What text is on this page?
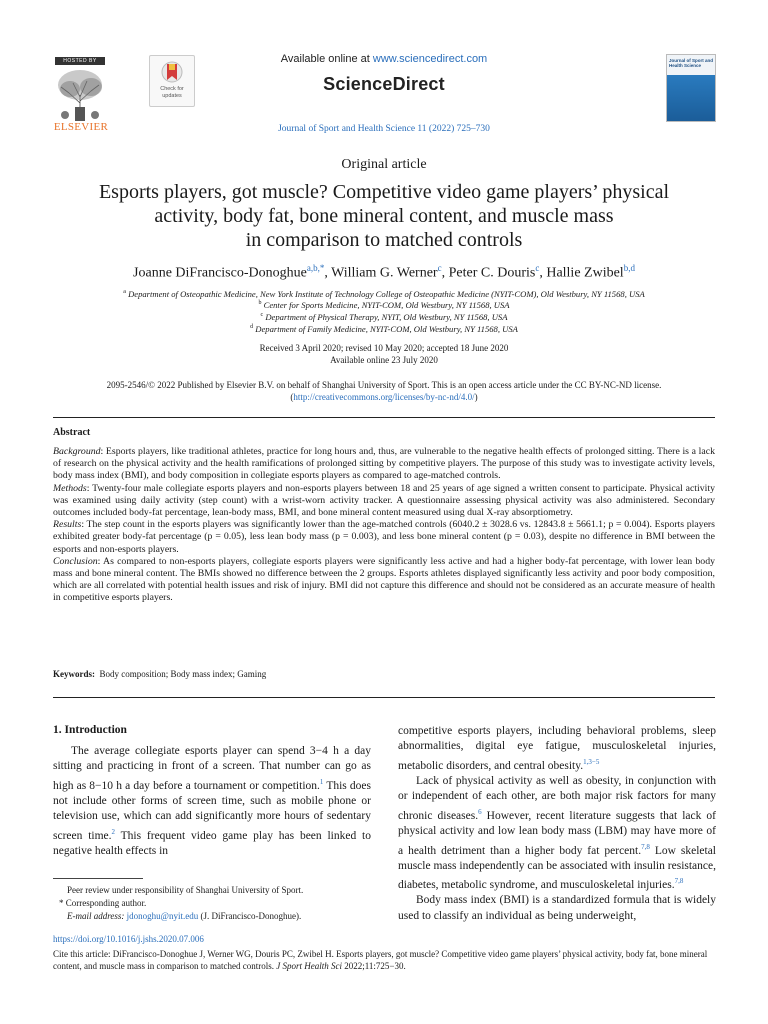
HOSTED BY
ELSEVIER
Check for updates
Available online at www.sciencedirect.com
ScienceDirect
Journal of Sport and Health Science 11 (2022) 725–730
Journal of Sport and Health Science
Original article
Esports players, got muscle? Competitive video game players’ physical
activity, body fat, bone mineral content, and muscle mass
in comparison to matched controls
Joanne DiFrancisco-Donoghue$^{a,b,*}$, William G. Werner$^c$, Peter C. Douris$^c$, Hallie Zwibel$^{b,d}$
$^a$ Department of Osteopathic Medicine, New York Institute of Technology College of Osteopathic Medicine (NYIT-COM), Old Westbury, NY 11568, USA
$^b$ Center for Sports Medicine, NYIT-COM, Old Westbury, NY 11568, USA
$^c$ Department of Physical Therapy, NYIT, Old Westbury, NY 11568, USA
$^d$ Department of Family Medicine, NYIT-COM, Old Westbury, NY 11568, USA
Received 3 April 2020; revised 10 May 2020; accepted 18 June 2020
Available online 23 July 2020
2095-2546/© 2022 Published by Elsevier B.V. on behalf of Shanghai University of Sport. This is an open access article under the CC BY-NC-ND license.
(http://creativecommons.org/licenses/by-nc-nd/4.0/)
Abstract

Background: Esports players, like traditional athletes, practice for long hours and, thus, are vulnerable to the negative health effects of prolonged sitting. There is a lack of research on the physical activity and the health ramifications of prolonged sitting by competitive players. The purpose of this study was to investigate activity levels, body mass index (BMI), and body composition in collegiate esports players as compared to age-matched controls.

Methods: Twenty-four male collegiate esports players and non-esports players between 18 and 25 years of age signed a written consent to participate. Physical activity was examined using daily activity (step count) with a wrist-worn activity tracker. A questionnaire assessing physical activity was also administered. Secondary outcomes included body-fat percentage, lean-body mass, BMI, and bone mineral content measured using dual X-ray absorptiometry.

Results: The step count in the esports players was significantly lower than the age-matched controls (6040.2 ± 3028.6 vs. 12843.8 ± 5661.1; p = 0.004). Esports players exhibited greater body-fat percentage (p = 0.05), less lean body mass (p = 0.003), and less bone mineral content (p = 0.03), despite no difference in BMI between the esports and non-esports players.

Conclusion: As compared to non-esports players, collegiate esports players were significantly less active and had a higher body-fat percentage, with lower lean body mass and bone mineral content. The BMIs showed no difference between the 2 groups. Esports athletes displayed significantly less activity and poor body composition, which are all correlated with potential health issues and risk of injury. BMI did not capture this difference and should not be considered as an accurate measure of health in competitive esports players.

Keywords: Body composition; Body mass index; Gaming
1. Introduction

The average collegiate esports player can spend 3−4 h a day sitting and practicing in front of a screen. That number can go as high as 8−10 h a day before a tournament or competition.$^1$ This does not include other forms of screen time, such as mobile phone or television use, which can add significantly more hours of sedentary screen time.$^2$ This frequent video game play has been linked to negative health effects in

competitive esports players, including behavioral problems, sleep abnormalities, digital eye fatigue, musculoskeletal injuries, metabolic disorders, and central obesity.$^{1,3-5}$

Lack of physical activity as well as obesity, in conjunction with or independent of each other, are both major risk factors for many chronic diseases.$^6$ However, recent literature suggests that lack of physical activity and low lean body mass (LBM) may have more of a health detriment than a higher body fat percent.$^{7,8}$ Low skeletal muscle mass independently can be associated with insulin resistance, diabetes, metabolic syndrome, and musculoskeletal injuries.$^{7,8}$

Body mass index (BMI) is a standardized formula that is widely used to classify an individual as being underweight,

Peer review under responsibility of Shanghai University of Sport.
* Corresponding author.
E-mail address: jdonoghu@nyit.edu (J. DiFrancisco-Donoghue).
https://doi.org/10.1016/j.jshs.2020.07.006
Cite this article: DiFrancisco-Donoghue J, Werner WG, Douris PC, Zwibel H. Esports players, got muscle? Competitive video game players’ physical activity, body fat, bone mineral content, and muscle mass in comparison to matched controls. J Sport Health Sci 2022;11:725−30.
